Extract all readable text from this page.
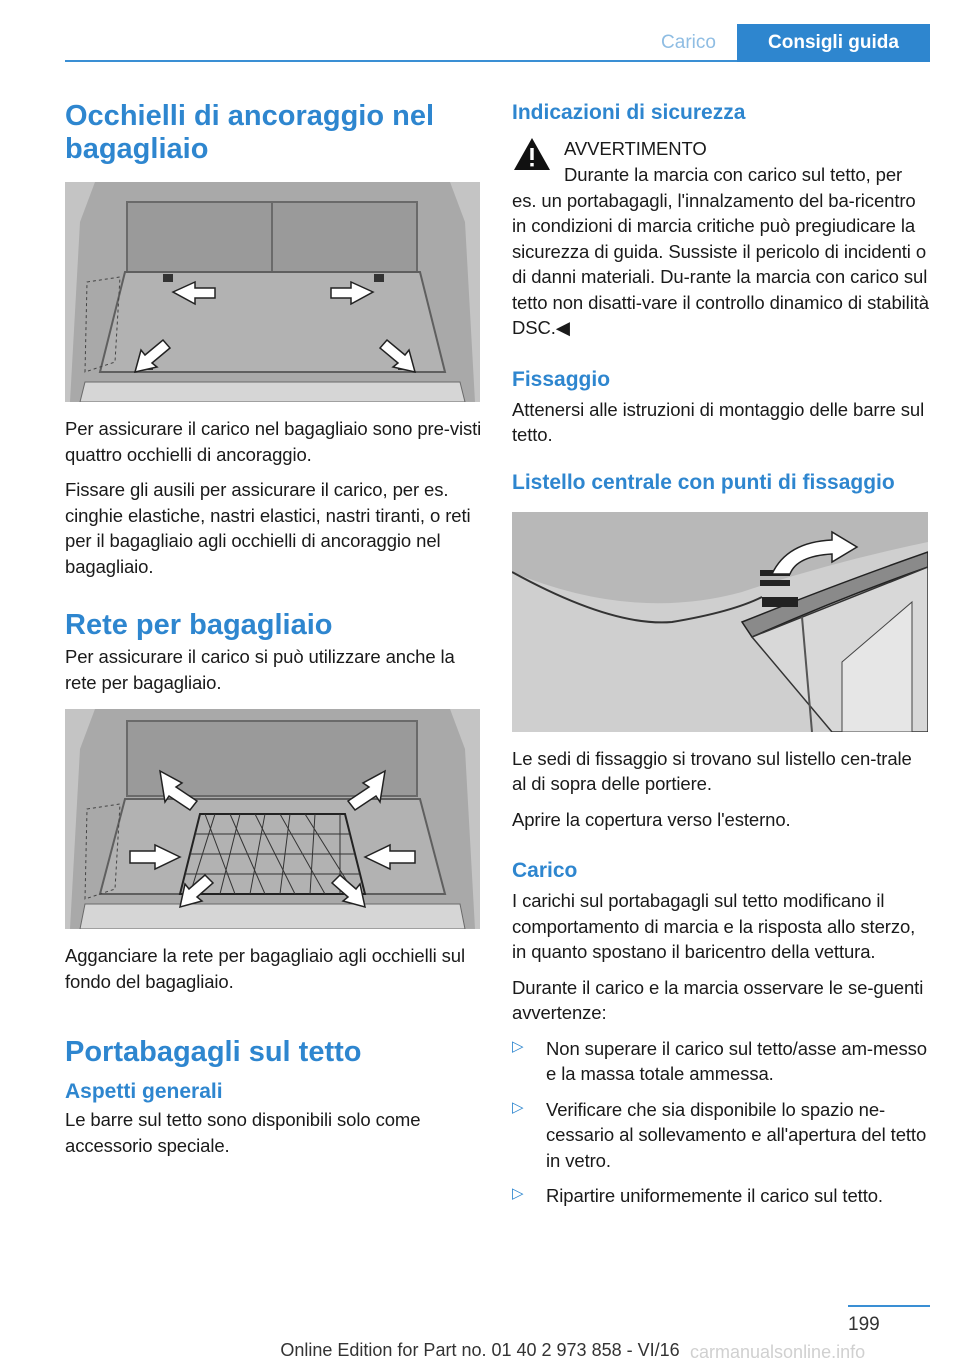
Carico	Consigli guida
Occhielli di ancoraggio nel bagagliaio

Per assicurare il carico nel bagagliaio sono pre-visti quattro occhielli di ancoraggio.

Fissare gli ausili per assicurare il carico, per es. cinghie elastiche, nastri elastici, nastri tiranti, o reti per il bagagliaio agli occhielli di ancoraggio nel bagagliaio.

Rete per bagagliaio

Per assicurare il carico si può utilizzare anche la rete per bagagliaio.

Agganciare la rete per bagagliaio agli occhielli sul fondo del bagagliaio.

Portabagagli sul tetto
Aspetti generali

Le barre sul tetto sono disponibili solo come accessorio speciale.

Indicazioni di sicurezza

AVVERTIMENTO

Durante la marcia con carico sul tetto, per es. un portabagagli, l'innalzamento del ba-ricentro in condizioni di marcia critiche può pregiudicare la sicurezza di guida. Sussiste il pericolo di incidenti o di danni materiali. Du-rante la marcia con carico sul tetto non disatti-vare il controllo dinamico di stabilità DSC.◀

Fissaggio

Attenersi alle istruzioni di montaggio delle barre sul tetto.

Listello centrale con punti di fissaggio

Le sedi di fissaggio si trovano sul listello cen-trale al di sopra delle portiere.

Aprire la copertura verso l'esterno.

Carico

I carichi sul portabagagli sul tetto modificano il comportamento di marcia e la risposta allo sterzo, in quanto spostano il baricentro della vettura.

Durante il carico e la marcia osservare le se-guenti avvertenze:

▷ Non superare il carico sul tetto/asse am-messo e la massa totale ammessa.

▷ Verificare che sia disponibile lo spazio ne-cessario al sollevamento e all'apertura del tetto in vetro.

▷ Ripartire uniformemente il carico sul tetto.

199
carmanualsonline.info
Online Edition for Part no. 01 40 2 973 858 - VI/16
